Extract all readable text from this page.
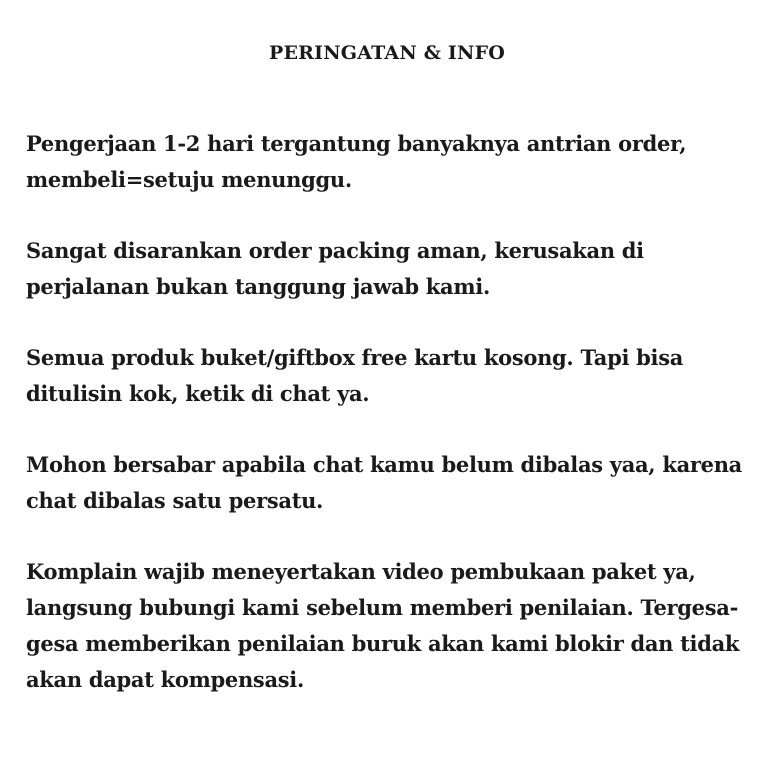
PERINGATAN & INFO
Pengerjaan 1-2 hari tergantung banyaknya antrian order, membeli=setuju menunggu.
Sangat disarankan order packing aman, kerusakan di perjalanan bukan tanggung jawab kami.
Semua produk buket/giftbox free kartu kosong. Tapi bisa ditulisin kok, ketik di chat ya.
Mohon bersabar apabila chat kamu belum dibalas yaa, karena chat dibalas satu persatu.
Komplain wajib meneyertakan video pembukaan paket ya, langsung bubungi kami sebelum memberi penilaian. Tergesa-gesa memberikan penilaian buruk akan kami blokir dan tidak akan dapat kompensasi.
